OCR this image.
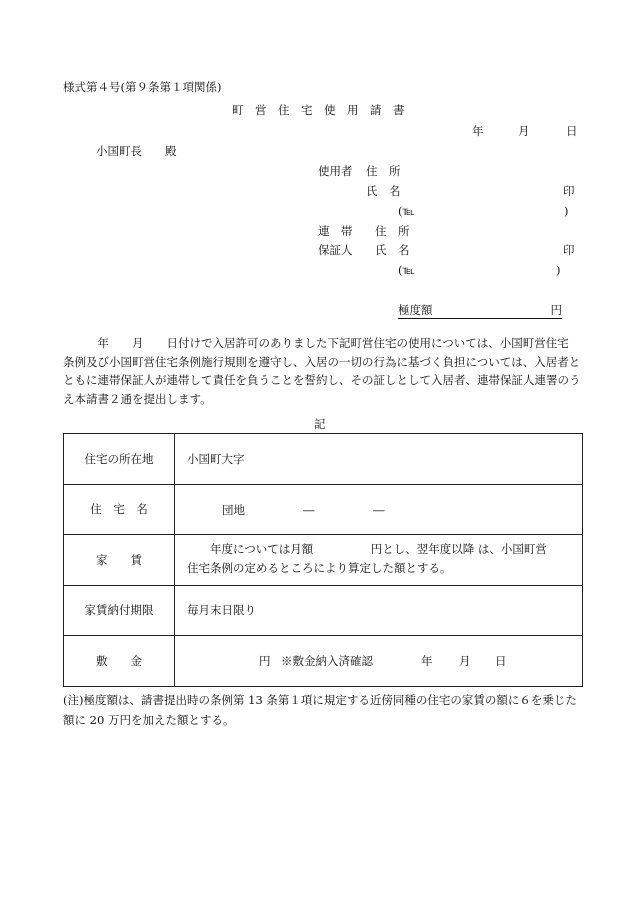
様式第４号(第９条第１項関係)
町　営　住　宅　使　用　請　書
年	月	日
小国町長　　殿
使用者 住　所
氏　名	印
(℡	)
連　帯 住　所
保証人 氏　名	印
(℡	)
極度額	円
　　　年　　月　　日付けで入居許可のありました下記町営住宅の使用については、小国町営住宅
条例及び小国町営住宅条例施行規則を遵守し、入居の一切の行為に基づく負担については、入居者と
ともに連帯保証人が連帯して責任を負うことを誓約し、その証しとして入居者、連帯保証人連署のう
え本請書２通を提出します。
記
住宅の所在地	小国町大字
住　宅　名	団地 ― ―

家　　賃	年度については月額　　　　　円とし、翌年度以降 は、小国町営
住宅条例の定めるところにより算定した額とする。

家賃納付期限	毎月末日限り
敷　　金	円 ※敷金納入済確認 年 月 日
(注)極度額は、請書提出時の条例第 13 条第１項に規定する近傍同種の住宅の家賃の額に６を乗じた
額に 20 万円を加えた額とする。
